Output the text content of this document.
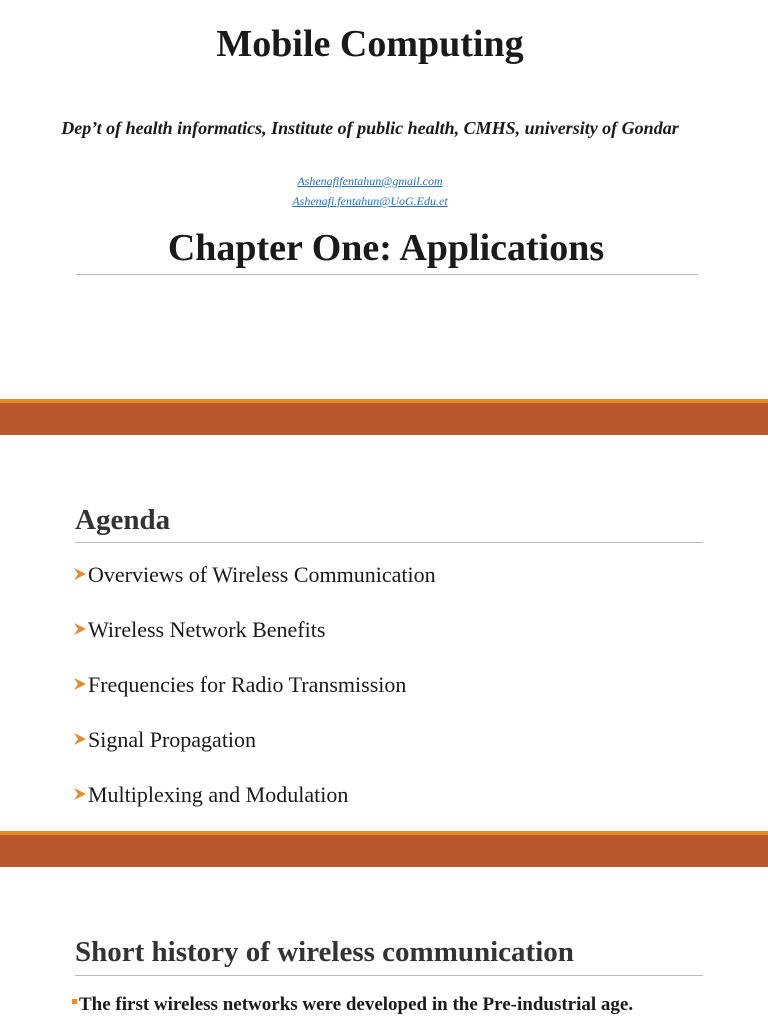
Mobile Computing
Dep’t of health informatics, Institute of public health, CMHS, university of Gondar
Ashenafifentahun@gmail.com
Ashenafi.fentahun@UoG.Edu.et
Chapter One: Applications
Agenda
Overviews of Wireless Communication
Wireless Network Benefits
Frequencies for Radio Transmission
Signal Propagation
Multiplexing and Modulation
Short history of wireless communication
The first wireless networks were developed in the Pre-industrial age.
